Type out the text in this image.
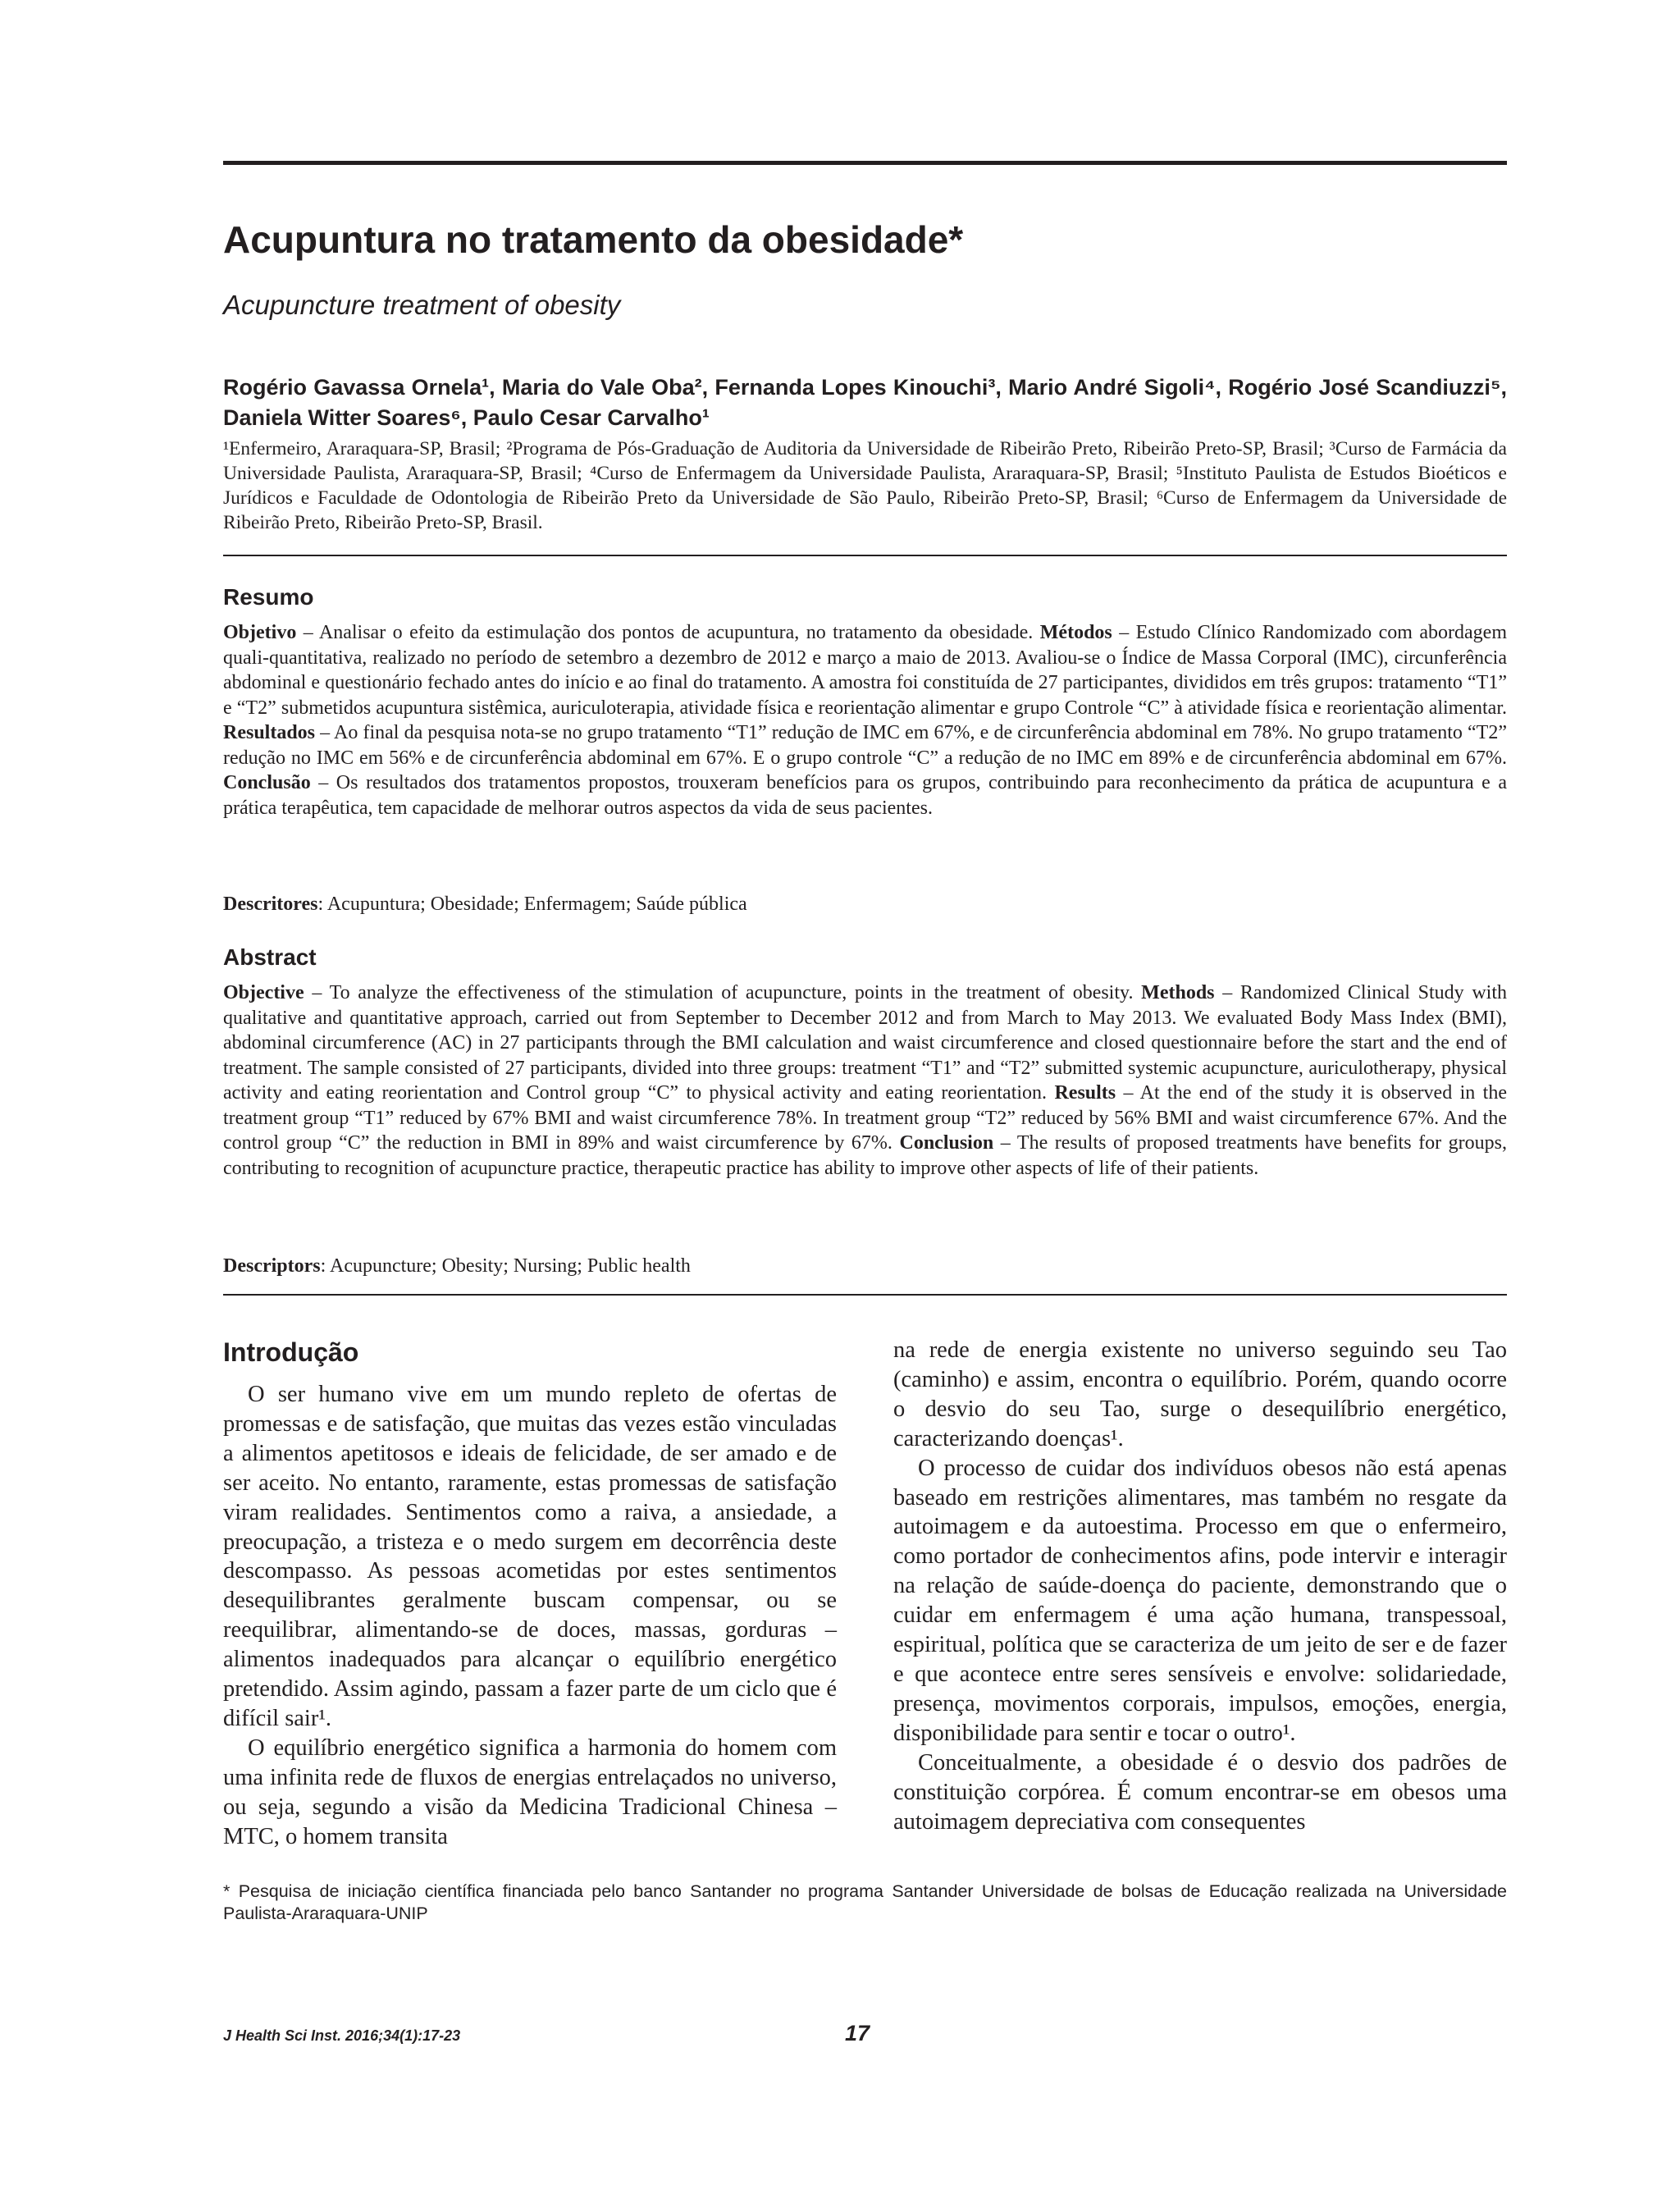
Acupuntura no tratamento da obesidade*
Acupuncture treatment of obesity
Rogério Gavassa Ornela¹, Maria do Vale Oba², Fernanda Lopes Kinouchi³, Mario André Sigoli⁴, Rogério José Scandiuzzi⁵, Daniela Witter Soares⁶, Paulo Cesar Carvalho¹
¹Enfermeiro, Araraquara-SP, Brasil; ²Programa de Pós-Graduação de Auditoria da Universidade de Ribeirão Preto, Ribeirão Preto-SP, Brasil; ³Curso de Farmácia da Universidade Paulista, Araraquara-SP, Brasil; ⁴Curso de Enfermagem da Universidade Paulista, Araraquara-SP, Brasil; ⁵Instituto Paulista de Estudos Bioéticos e Jurídicos e Faculdade de Odontologia de Ribeirão Preto da Universidade de São Paulo, Ribeirão Preto-SP, Brasil; ⁶Curso de Enfermagem da Universidade de Ribeirão Preto, Ribeirão Preto-SP, Brasil.
Resumo
Objetivo – Analisar o efeito da estimulação dos pontos de acupuntura, no tratamento da obesidade. Métodos – Estudo Clínico Randomizado com abordagem quali-quantitativa, realizado no período de setembro a dezembro de 2012 e março a maio de 2013. Avaliou-se o Índice de Massa Corporal (IMC), circunferência abdominal e questionário fechado antes do início e ao final do tratamento. A amostra foi constituída de 27 participantes, divididos em três grupos: tratamento “T1” e “T2” submetidos acupuntura sistêmica, auriculoterapia, atividade física e reorientação alimentar e grupo Controle “C” à atividade física e reorientação alimentar. Resultados – Ao final da pesquisa nota-se no grupo tratamento “T1” redução de IMC em 67%, e de circunferência abdominal em 78%. No grupo tratamento “T2” redução no IMC em 56% e de circunferência abdominal em 67%. E o grupo controle “C” a redução de no IMC em 89% e de circunferência abdominal em 67%. Conclusão – Os resultados dos tratamentos propostos, trouxeram benefícios para os grupos, contribuindo para reconhecimento da prática de acupuntura e a prática terapêutica, tem capacidade de melhorar outros aspectos da vida de seus pacientes.
Descritores: Acupuntura; Obesidade; Enfermagem; Saúde pública
Abstract
Objective – To analyze the effectiveness of the stimulation of acupuncture, points in the treatment of obesity. Methods – Randomized Clinical Study with qualitative and quantitative approach, carried out from September to December 2012 and from March to May 2013. We evaluated Body Mass Index (BMI), abdominal circumference (AC) in 27 participants through the BMI calculation and waist circumference and closed questionnaire before the start and the end of treatment. The sample consisted of 27 participants, divided into three groups: treatment “T1” and “T2” submitted systemic acupuncture, auriculotherapy, physical activity and eating reorientation and Control group “C” to physical activity and eating reorientation. Results – At the end of the study it is observed in the treatment group “T1” reduced by 67% BMI and waist circumference 78%. In treatment group “T2” reduced by 56% BMI and waist circumference 67%. And the control group “C” the reduction in BMI in 89% and waist circumference by 67%. Conclusion – The results of proposed treatments have benefits for groups, contributing to recognition of acupuncture practice, therapeutic practice has ability to improve other aspects of life of their patients.
Descriptors: Acupuncture; Obesity; Nursing; Public health
Introdução

O ser humano vive em um mundo repleto de ofertas de promessas e de satisfação, que muitas das vezes estão vinculadas a alimentos apetitosos e ideais de felicidade, de ser amado e de ser aceito. No entanto, raramente, estas promessas de satisfação viram realidades. Sentimentos como a raiva, a ansiedade, a preocupação, a tristeza e o medo surgem em decorrência deste descompasso. As pessoas acometidas por estes sentimentos desequilibrantes geralmente buscam compensar, ou se reequilibrar, alimentando-se de doces, massas, gorduras – alimentos inadequados para alcançar o equilíbrio energético pretendido. Assim agindo, passam a fazer parte de um ciclo que é difícil sair¹.

O equilíbrio energético significa a harmonia do homem com uma infinita rede de fluxos de energias entrelaçados no universo, ou seja, segundo a visão da Medicina Tradicional Chinesa – MTC, o homem transita

na rede de energia existente no universo seguindo seu Tao (caminho) e assim, encontra o equilíbrio. Porém, quando ocorre o desvio do seu Tao, surge o desequilíbrio energético, caracterizando doenças¹.

O processo de cuidar dos indivíduos obesos não está apenas baseado em restrições alimentares, mas também no resgate da autoimagem e da autoestima. Processo em que o enfermeiro, como portador de conhecimentos afins, pode intervir e interagir na relação de saúde-doença do paciente, demonstrando que o cuidar em enfermagem é uma ação humana, transpessoal, espiritual, política que se caracteriza de um jeito de ser e de fazer e que acontece entre seres sensíveis e envolve: solidariedade, presença, movimentos corporais, impulsos, emoções, energia, disponibilidade para sentir e tocar o outro¹.

Conceitualmente, a obesidade é o desvio dos padrões de constituição corpórea. É comum encontrar-se em obesos uma autoimagem depreciativa com consequentes

* Pesquisa de iniciação científica financiada pelo banco Santander no programa Santander Universidade de bolsas de Educação realizada na Universidade Paulista-Araraquara-UNIP
J Health Sci Inst. 2016;34(1):17-23	17
